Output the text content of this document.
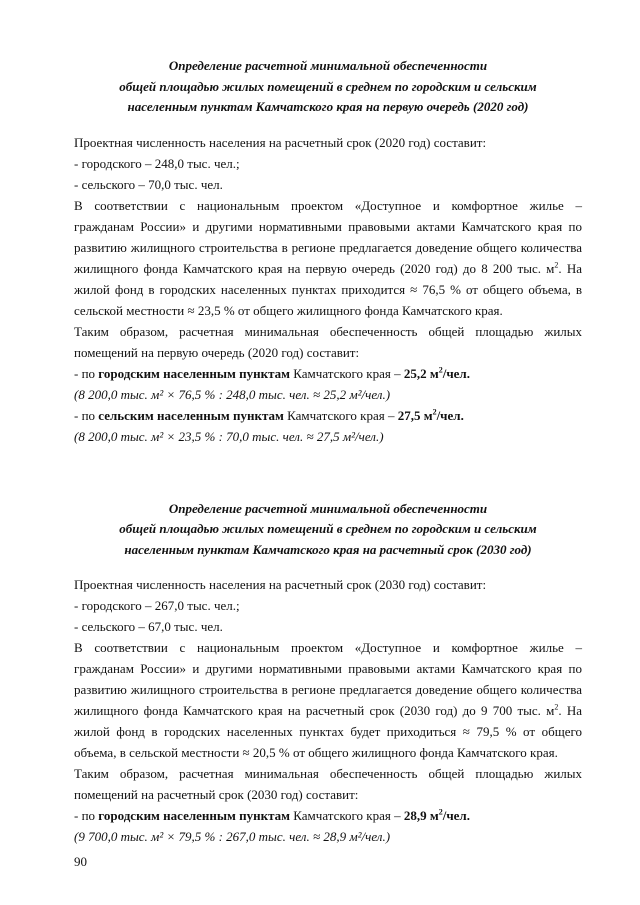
Определение расчетной минимальной обеспеченности
общей площадью жилых помещений в среднем по городским и сельским
населенным пунктам Камчатского края на первую очередь (2020 год)
Проектная численность населения на расчетный срок (2020 год) составит:
- городского – 248,0 тыс. чел.;
- сельского – 70,0 тыс. чел.
В соответствии с национальным проектом «Доступное и комфортное жилье –
гражданам России» и другими нормативными правовыми актами Камчатского края по
развитию жилищного строительства в регионе предлагается доведение общего количества
жилищного фонда Камчатского края на первую очередь (2020 год) до 8 200 тыс. $м^2$. На
жилой фонд в городских населенных пунктах приходится ≈ 76,5 % от общего объема, в
сельской местности ≈ 23,5 % от общего жилищного фонда Камчатского края.
Таким образом, расчетная минимальная обеспеченность общей площадью жилых
помещений на первую очередь (2020 год) составит:
- по городским населенным пунктам Камчатского края – 25,2 $м^2$/чел.
(8 200,0 тыс. м² × 76,5 % : 248,0 тыс. чел. ≈ 25,2 м²/чел.)
- по сельским населенным пунктам Камчатского края – 27,5 $м^2$/чел.
(8 200,0 тыс. м² × 23,5 % : 70,0 тыс. чел. ≈ 27,5 м²/чел.)
Определение расчетной минимальной обеспеченности
общей площадью жилых помещений в среднем по городским и сельским
населенным пунктам Камчатского края на расчетный срок (2030 год)
Проектная численность населения на расчетный срок (2030 год) составит:
- городского – 267,0 тыс. чел.;
- сельского – 67,0 тыс. чел.
В соответствии с национальным проектом «Доступное и комфортное жилье –
гражданам России» и другими нормативными правовыми актами Камчатского края по
развитию жилищного строительства в регионе предлагается доведение общего количества
жилищного фонда Камчатского края на расчетный срок (2030 год) до 9 700 тыс. $м^2$. На
жилой фонд в городских населенных пунктах будет приходиться ≈ 79,5 % от общего
объема, в сельской местности ≈ 20,5 % от общего жилищного фонда Камчатского края.
Таким образом, расчетная минимальная обеспеченность общей площадью жилых
помещений на расчетный срок (2030 год) составит:
- по городским населенным пунктам Камчатского края – 28,9 $м^2$/чел.
(9 700,0 тыс. м² × 79,5 % : 267,0 тыс. чел. ≈ 28,9 м²/чел.)
90
